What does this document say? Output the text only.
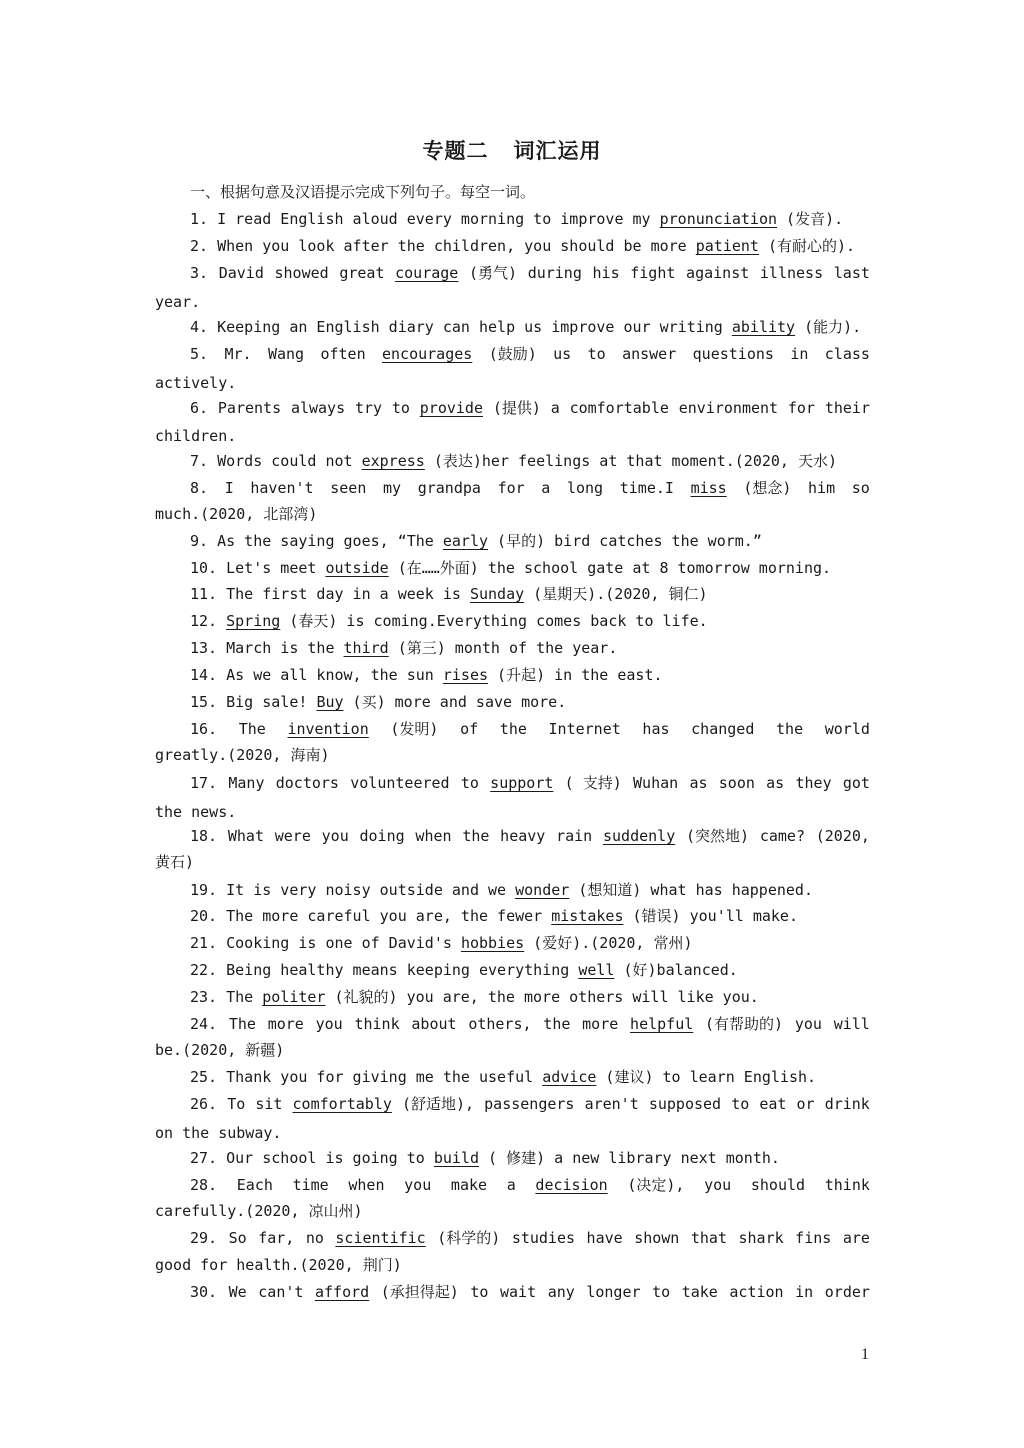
专题二   词汇运用
一、根据句意及汉语提示完成下列句子。每空一词。
1. I read English aloud every morning to improve my pronunciation (发音).
2. When you look after the children, you should be more patient (有耐心的).
3. David showed great courage (勇气) during his fight against illness last
year.
4. Keeping an English diary can help us improve our writing ability (能力).
5. Mr. Wang often encourages (鼓励) us to answer questions in class
actively.
6. Parents always try to provide (提供) a comfortable environment for their
children.
7. Words could not express (表达)her feelings at that moment.(2020, 天水)
8. I haven't seen my grandpa for a long time.I miss (想念) him so
much.(2020, 北部湾)
9. As the saying goes, “The early (早的) bird catches the worm.”
10. Let's meet outside (在……外面) the school gate at 8 tomorrow morning.
11. The first day in a week is Sunday (星期天).(2020, 铜仁)
12. Spring (春天) is coming.Everything comes back to life.
13. March is the third (第三) month of the year.
14. As we all know, the sun rises (升起) in the east.
15. Big sale! Buy (买) more and save more.
16. The invention (发明) of the Internet has changed the world
greatly.(2020, 海南)
17. Many doctors volunteered to support ( 支持) Wuhan as soon as they got
the news.
18. What were you doing when the heavy rain suddenly (突然地) came? (2020,
黄石)
19. It is very noisy outside and we wonder (想知道) what has happened.
20. The more careful you are, the fewer mistakes (错误) you'll make.
21. Cooking is one of David's hobbies (爱好).(2020, 常州)
22. Being healthy means keeping everything well (好)balanced.
23. The politer (礼貌的) you are, the more others will like you.
24. The more you think about others, the more helpful (有帮助的) you will
be.(2020, 新疆)
25. Thank you for giving me the useful advice (建议) to learn English.
26. To sit comfortably (舒适地), passengers aren't supposed to eat or drink
on the subway.
27. Our school is going to build ( 修建) a new library next month.
28. Each time when you make a decision (决定), you should think
carefully.(2020, 凉山州)
29. So far, no scientific (科学的) studies have shown that shark fins are
good for health.(2020, 荆门)
30. We can't afford (承担得起) to wait any longer to take action in order
1
